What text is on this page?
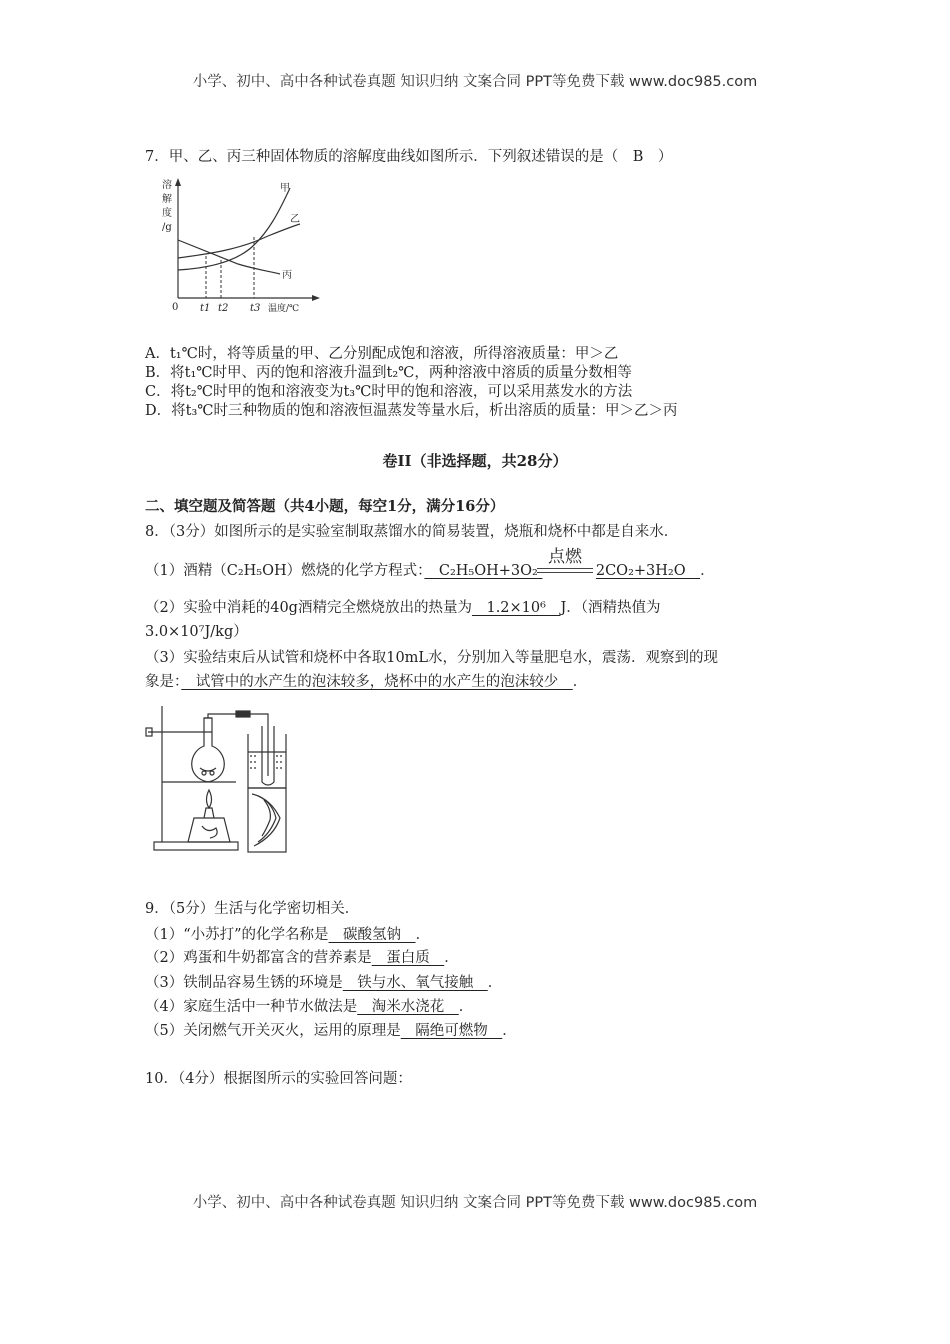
小学、初中、高中各种试卷真题 知识归纳 文案合同 PPT等免费下载 www.doc985.com
7．甲、乙、丙三种固体物质的溶解度曲线如图所示．下列叙述错误的是（　B　）
溶
解
度
/g
甲
乙
丙
0 t1 t2 t3 温度/℃
A．t₁℃时，将等质量的甲、乙分别配成饱和溶液，所得溶液质量：甲＞乙
B．将t₁℃时甲、丙的饱和溶液升温到t₂℃，两种溶液中溶质的质量分数相等
C．将t₂℃时甲的饱和溶液变为t₃℃时甲的饱和溶液，可以采用蒸发水的方法
D．将t₃℃时三种物质的饱和溶液恒温蒸发等量水后，析出溶质的质量：甲＞乙＞丙
卷II（非选择题，共28分）
二、填空题及简答题（共4小题，每空1分，满分16分）
8．（3分）如图所示的是实验室制取蒸馏水的简易装置，烧瓶和烧杯中都是自来水．
（1）酒精（C₂H₅OH）燃烧的化学方程式：　C₂H₅OH+3O₂	2CO₂+3H₂O　．
点燃
（2）实验中消耗的40g酒精完全燃烧放出的热量为　1.2×10⁶　J．（酒精热值为
3.0×10⁷J/kg）
（3）实验结束后从试管和烧杯中各取10mL水，分别加入等量肥皂水，震荡．观察到的现
象是：　试管中的水产生的泡沫较多，烧杯中的水产生的泡沫较少　．
9．（5分）生活与化学密切相关．
（1）“小苏打”的化学名称是　碳酸氢钠　．
（2）鸡蛋和牛奶都富含的营养素是　蛋白质　．
（3）铁制品容易生锈的环境是　铁与水、氧气接触　．
（4）家庭生活中一种节水做法是　淘米水浇花　．
（5）关闭燃气开关灭火，运用的原理是　隔绝可燃物　．
10．（4分）根据图所示的实验回答问题：
小学、初中、高中各种试卷真题 知识归纳 文案合同 PPT等免费下载 www.doc985.com
